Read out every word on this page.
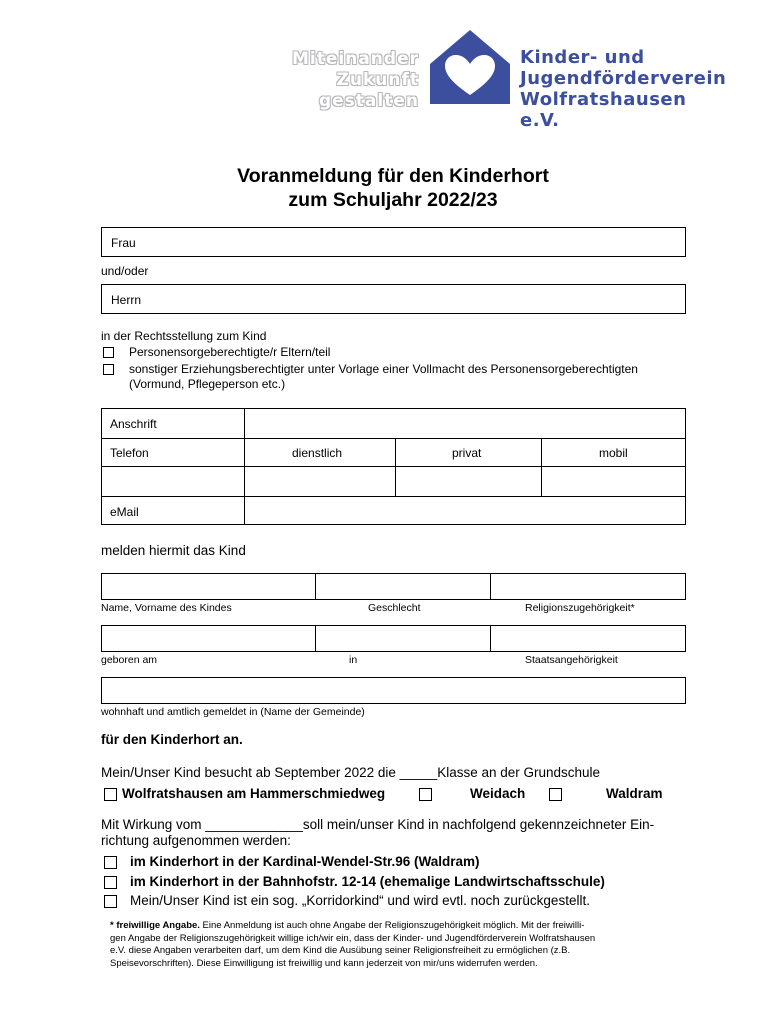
Miteinander
Zukunft
gestalten
Kinder- und
Jugendförderverein
Wolfratshausen e.V.
Voranmeldung für den Kinderhort
zum Schuljahr 2022/23
Frau
und/oder
Herrn
in der Rechtsstellung zum Kind
Personensorgeberechtigte/r Eltern/teil
sonstiger Erziehungsberechtigter unter Vorlage einer Vollmacht des Personensorgeberechtigten
(Vormund, Pflegeperson etc.)
Anschrift
Telefon	dienstlich	privat	mobil
eMail
melden hiermit das Kind
Name, Vorname des Kindes	Geschlecht	Religionszugehörigkeit*
geboren am	in	Staatsangehörigkeit
wohnhaft und amtlich gemeldet in (Name der Gemeinde)
für den Kinderhort an.
Mein/Unser Kind besucht ab September 2022 die _____Klasse an der Grundschule
Wolfratshausen am Hammerschmiedweg	Weidach	Waldram
Mit Wirkung vom _____________soll mein/unser Kind in nachfolgend gekennzeichneter Ein-
richtung aufgenommen werden:
im Kinderhort in der Kardinal-Wendel-Str.96 (Waldram)
im Kinderhort in der Bahnhofstr. 12-14 (ehemalige Landwirtschaftsschule)
Mein/Unser Kind ist ein sog. „Korridorkind“ und wird evtl. noch zurückgestellt.
* freiwillige Angabe. Eine Anmeldung ist auch ohne Angabe der Religionszugehörigkeit möglich. Mit der freiwilli-
gen Angabe der Religionszugehörigkeit willige ich/wir ein, dass der Kinder- und Jugendförderverein Wolfratshausen
e.V. diese Angaben verarbeiten darf, um dem Kind die Ausübung seiner Religionsfreiheit zu ermöglichen (z.B.
Speisevorschriften). Diese Einwilligung ist freiwillig und kann jederzeit von mir/uns widerrufen werden.
